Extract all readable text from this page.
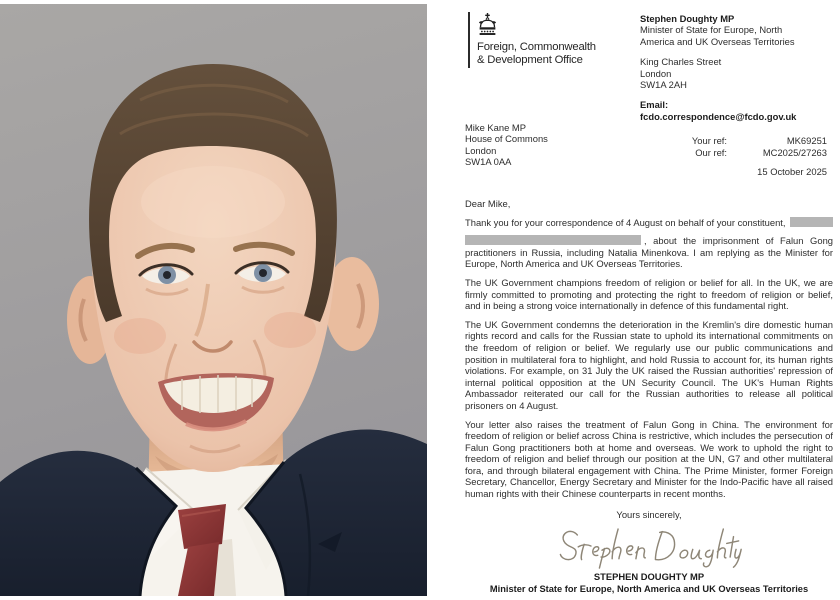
Foreign, Commonwealth
& Development Office
Stephen Doughty MP
Minister of State for Europe, North
America and UK Overseas Territories
King Charles Street
London
SW1A 2AH
Email:
fcdo.correspondence@fcdo.gov.uk
Mike Kane MP
House of Commons
London
SW1A 0AA
Your ref:	MK69251
Our ref:	MC2025/27263
15 October 2025
Dear Mike,
Thank you for your correspondence of 4 August on behalf of your constituent,

, about the imprisonment of Falun Gong practitioners in Russia, including Natalia Minenkova. I am replying as the Minister for Europe, North America and UK Overseas Territories.

The UK Government champions freedom of religion or belief for all. In the UK, we are firmly committed to promoting and protecting the right to freedom of religion or belief, and in being a strong voice internationally in defence of this fundamental right.

The UK Government condemns the deterioration in the Kremlin's dire domestic human rights record and calls for the Russian state to uphold its international commitments on the freedom of religion or belief. We regularly use our public communications and position in multilateral fora to highlight, and hold Russia to account for, its human rights violations. For example, on 31 July the UK raised the Russian authorities' repression of internal political opposition at the UN Security Council. The UK's Human Rights Ambassador reiterated our call for the Russian authorities to release all political prisoners on 4 August.

Your letter also raises the treatment of Falun Gong in China. The environment for freedom of religion or belief across China is restrictive, which includes the persecution of Falun Gong practitioners both at home and overseas. We work to uphold the right to freedom of religion and belief through our position at the UN, G7 and other multilateral fora, and through bilateral engagement with China. The Prime Minister, former Foreign Secretary, Chancellor, Energy Secretary and Minister for the Indo-Pacific have all raised human rights with their Chinese counterparts in recent months.

Yours sincerely,
STEPHEN DOUGHTY MP
Minister of State for Europe, North America and UK Overseas Territories
